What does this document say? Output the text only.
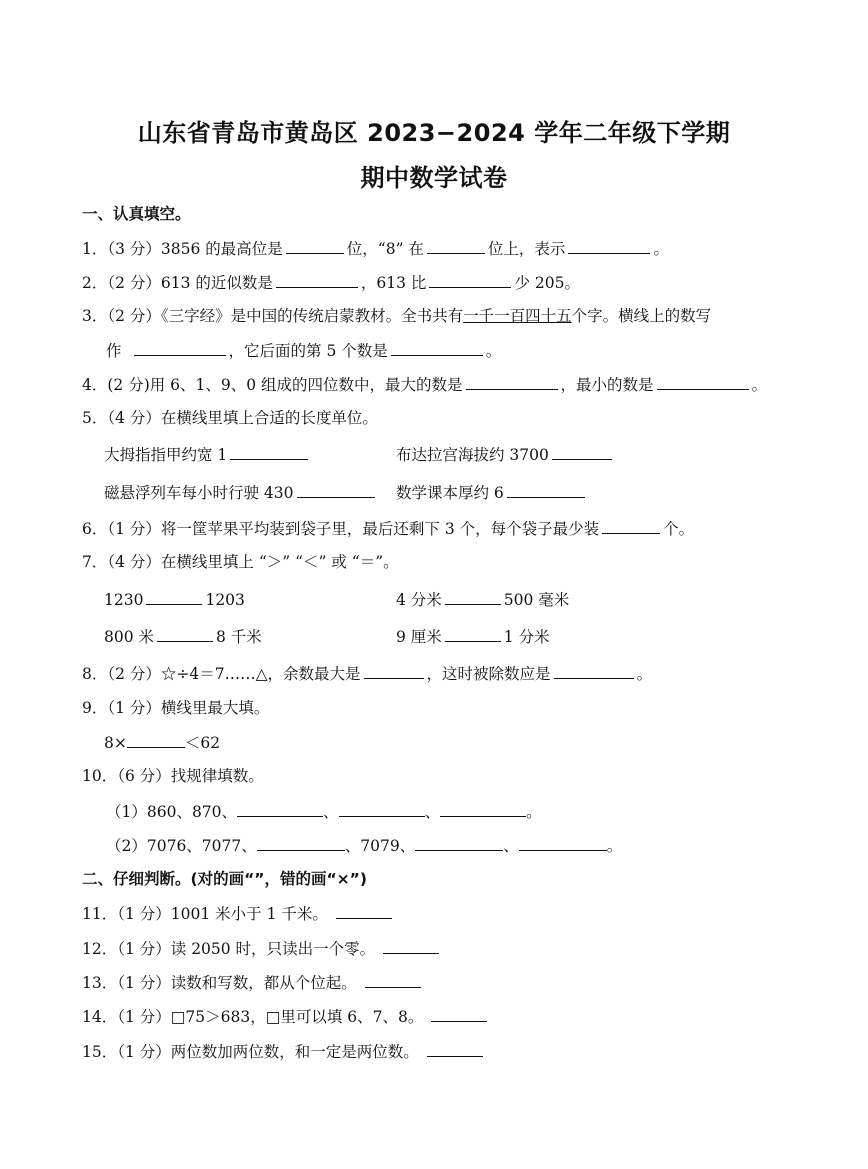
山东省青岛市黄岛区 2023−2024 学年二年级下学期
期中数学试卷
一、认真填空。
1．（3 分）3856 的最高位是	位，“8” 在	位上，表示	。
2．（2 分）613 的近似数是	，613 比	少 205。
3．（2 分）《三字经》是中国的传统启蒙教材。全书共有一千一百四十五个字。横线上的数写
作	，它后面的第 5 个数是	。
4．(2 分)用 6、1、9、0 组成的四位数中，最大的数是	，最小的数是	。
5．（4 分）在横线里填上合适的长度单位。
大拇指指甲约宽 1	布达拉宫海拔约 3700
磁悬浮列车每小时行驶 430	数学课本厚约 6
6．（1 分）将一筐苹果平均装到袋子里，最后还剩下 3 个，每个袋子最少装	个。
7．（4 分）在横线里填上 “＞” “＜” 或 “＝”。
1230	1203	4 分米	500 毫米
800 米	8 千米	9 厘米	1 分米
8．（2 分）☆÷4＝7……△，余数最大是	，这时被除数应是	。
9．（1 分）横线里最大填。
8×	＜62
10．（6 分）找规律填数。
（1）860、870、	、	、	。
（2）7076、7077、	、7079、	、	。
二、仔细判断。(对的画“”，错的画“×”)
11．（1 分）1001 米小于 1 千米。
12．（1 分）读 2050 时，只读出一个零。
13．（1 分）读数和写数，都从个位起。
14．（1 分）□75＞683，□里可以填 6、7、8。
15．（1 分）两位数加两位数，和一定是两位数。
